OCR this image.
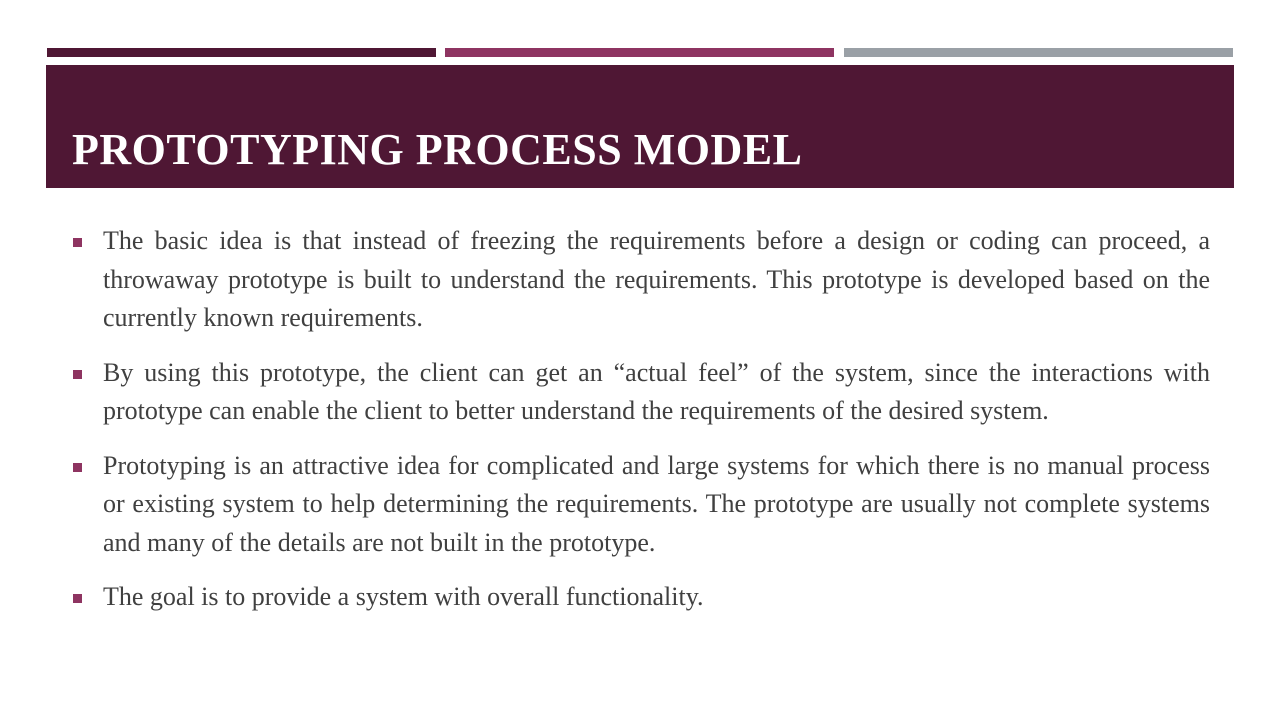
PROTOTYPING PROCESS MODEL
The basic idea is that instead of freezing the requirements before a design or coding can proceed, a throwaway prototype is built to understand the requirements. This prototype is developed based on the currently known requirements.
By using this prototype, the client can get an “actual feel” of the system, since the interactions with prototype can enable the client to better understand the requirements of the desired system.
Prototyping is an attractive idea for complicated and large systems for which there is no manual process or existing system to help determining the requirements. The prototype are usually not complete systems and many of the details are not built in the prototype.
The goal is to provide a system with overall functionality.
